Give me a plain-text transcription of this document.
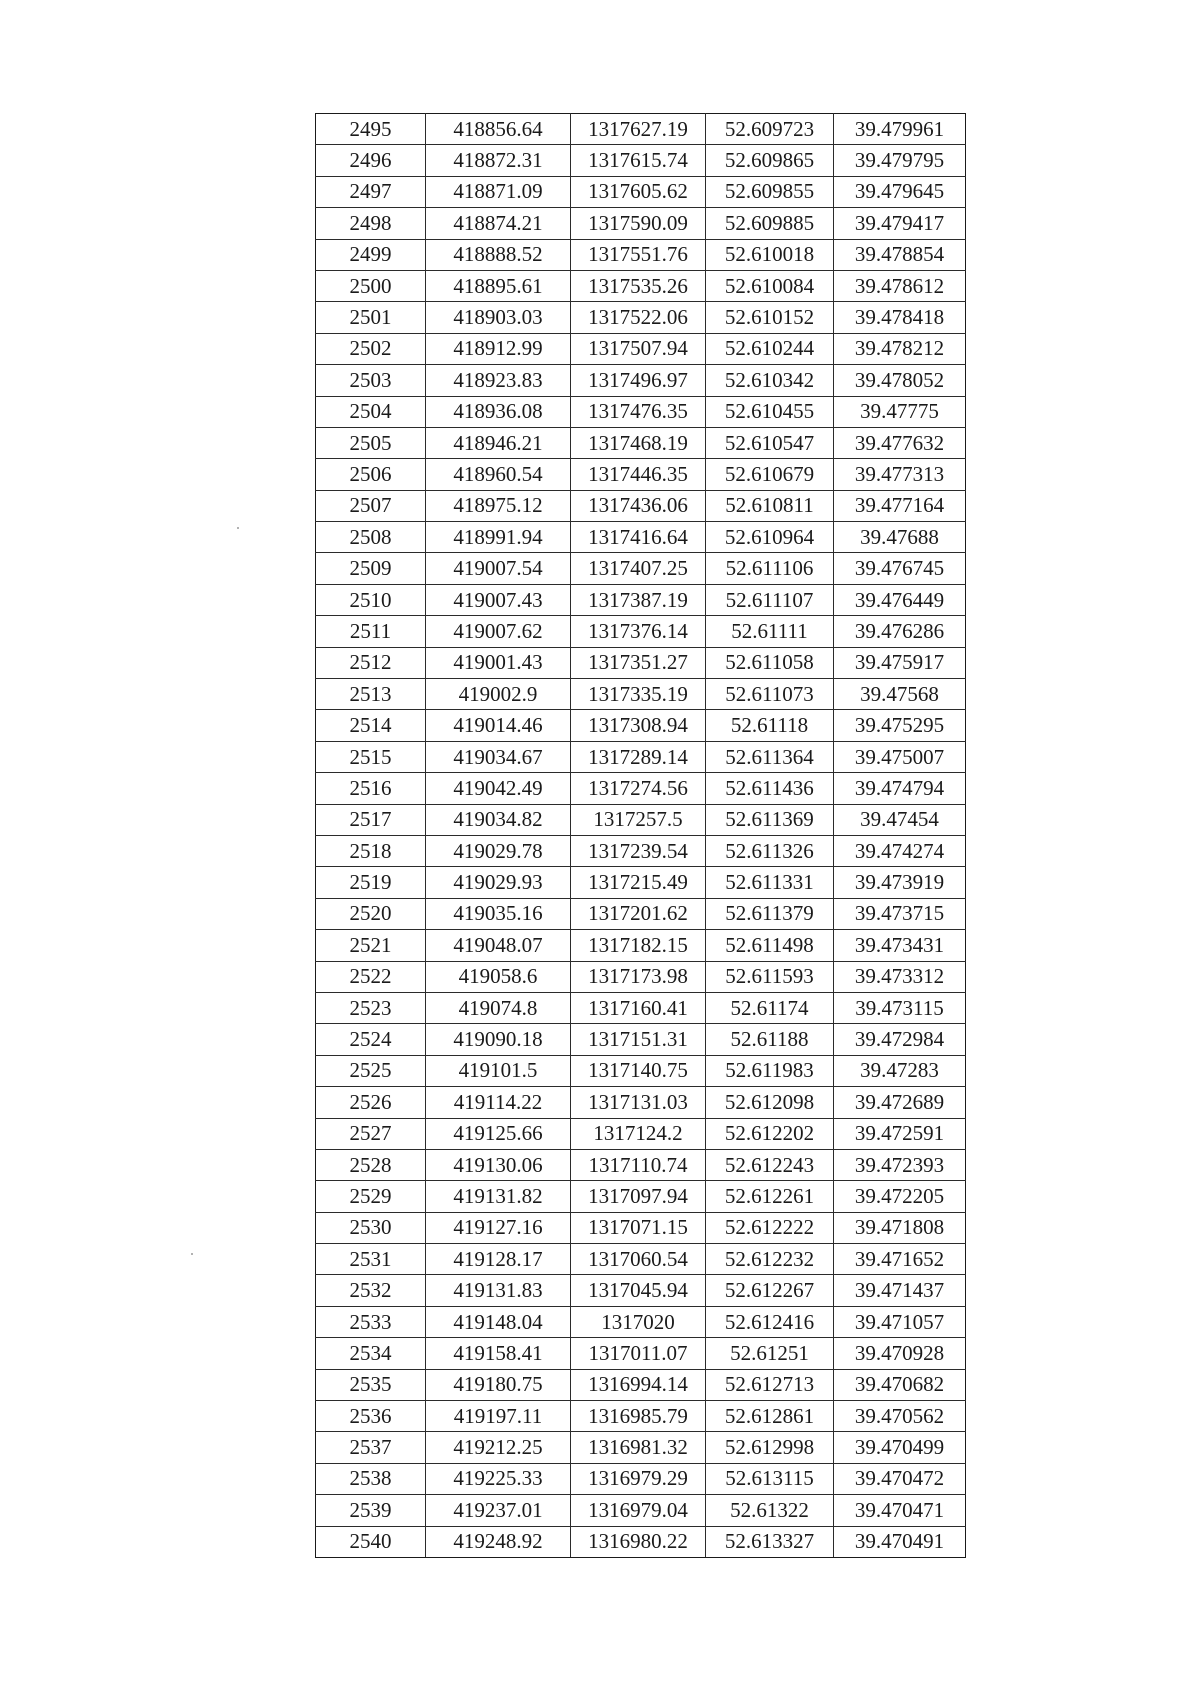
2495	418856.64	1317627.19	52.609723	39.479961
2496	418872.31	1317615.74	52.609865	39.479795
2497	418871.09	1317605.62	52.609855	39.479645
2498	418874.21	1317590.09	52.609885	39.479417
2499	418888.52	1317551.76	52.610018	39.478854
2500	418895.61	1317535.26	52.610084	39.478612
2501	418903.03	1317522.06	52.610152	39.478418
2502	418912.99	1317507.94	52.610244	39.478212
2503	418923.83	1317496.97	52.610342	39.478052
2504	418936.08	1317476.35	52.610455	39.47775
2505	418946.21	1317468.19	52.610547	39.477632
2506	418960.54	1317446.35	52.610679	39.477313
2507	418975.12	1317436.06	52.610811	39.477164
2508	418991.94	1317416.64	52.610964	39.47688
2509	419007.54	1317407.25	52.611106	39.476745
2510	419007.43	1317387.19	52.611107	39.476449
2511	419007.62	1317376.14	52.61111	39.476286
2512	419001.43	1317351.27	52.611058	39.475917
2513	419002.9	1317335.19	52.611073	39.47568
2514	419014.46	1317308.94	52.61118	39.475295
2515	419034.67	1317289.14	52.611364	39.475007
2516	419042.49	1317274.56	52.611436	39.474794
2517	419034.82	1317257.5	52.611369	39.47454
2518	419029.78	1317239.54	52.611326	39.474274
2519	419029.93	1317215.49	52.611331	39.473919
2520	419035.16	1317201.62	52.611379	39.473715
2521	419048.07	1317182.15	52.611498	39.473431
2522	419058.6	1317173.98	52.611593	39.473312
2523	419074.8	1317160.41	52.61174	39.473115
2524	419090.18	1317151.31	52.61188	39.472984
2525	419101.5	1317140.75	52.611983	39.47283
2526	419114.22	1317131.03	52.612098	39.472689
2527	419125.66	1317124.2	52.612202	39.472591
2528	419130.06	1317110.74	52.612243	39.472393
2529	419131.82	1317097.94	52.612261	39.472205
2530	419127.16	1317071.15	52.612222	39.471808
2531	419128.17	1317060.54	52.612232	39.471652
2532	419131.83	1317045.94	52.612267	39.471437
2533	419148.04	1317020	52.612416	39.471057
2534	419158.41	1317011.07	52.61251	39.470928
2535	419180.75	1316994.14	52.612713	39.470682
2536	419197.11	1316985.79	52.612861	39.470562
2537	419212.25	1316981.32	52.612998	39.470499
2538	419225.33	1316979.29	52.613115	39.470472
2539	419237.01	1316979.04	52.61322	39.470471
2540	419248.92	1316980.22	52.613327	39.470491
